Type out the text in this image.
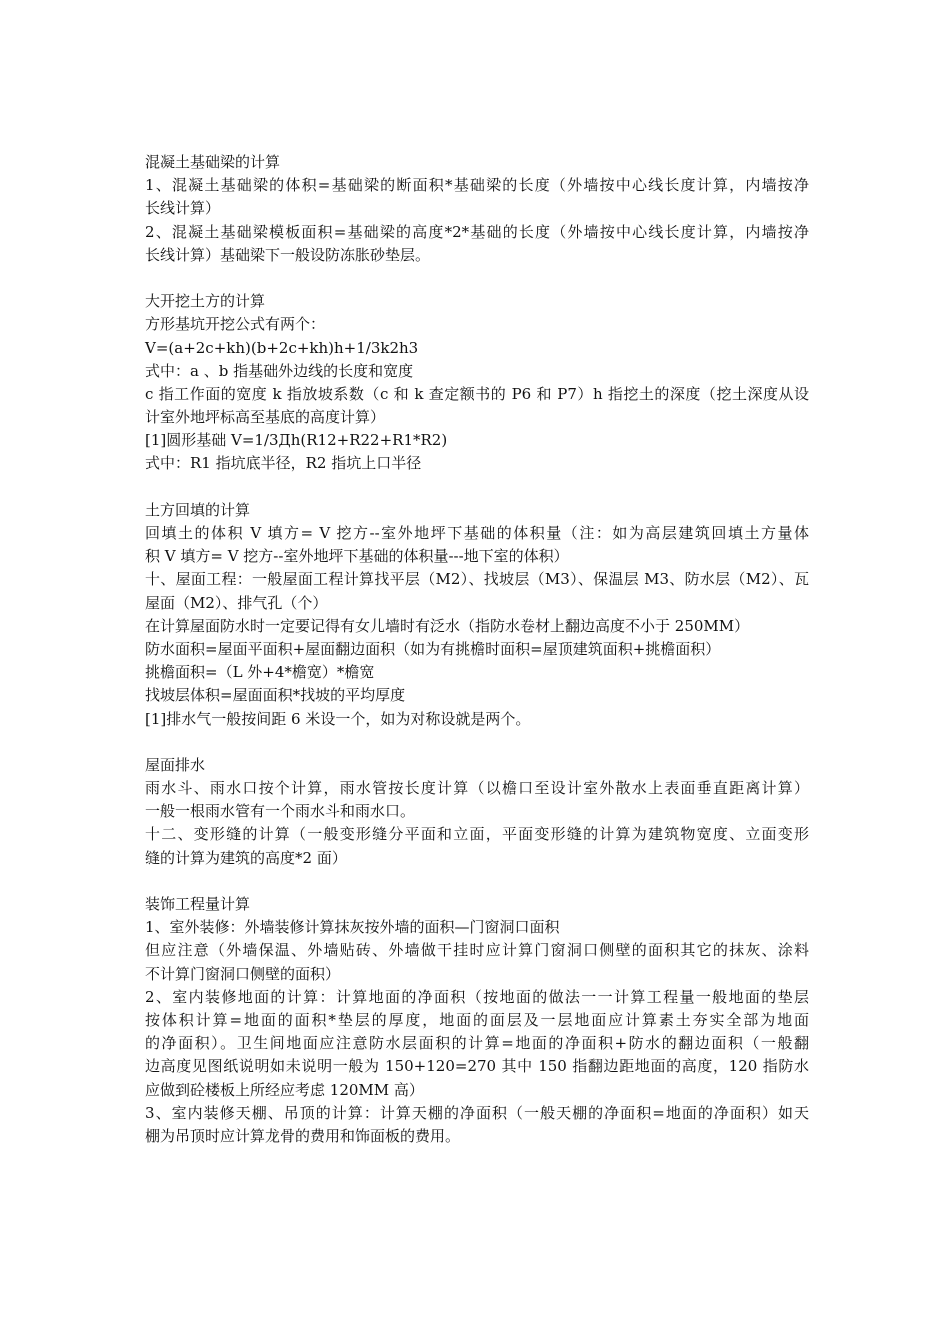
混凝土基础梁的计算
1、混凝土基础梁的体积=基础梁的断面积*基础梁的长度（外墙按中心线长度计算，内墙按净
长线计算）
2、混凝土基础梁模板面积=基础梁的高度*2*基础的长度（外墙按中心线长度计算，内墙按净
长线计算）基础梁下一般设防冻胀砂垫层。
大开挖土方的计算
方形基坑开挖公式有两个：
V=(a+2c+kh)(b+2c+kh)h+1/3k2h3
式中：a 、b 指基础外边线的长度和宽度
c 指工作面的宽度 k 指放坡系数（c 和 k 查定额书的 P6 和 P7）h 指挖土的深度（挖土深度从设
计室外地坪标高至基底的高度计算）
[1]圆形基础 V=1/3Дh(R12+R22+R1*R2)
式中：R1 指坑底半径，R2 指坑上口半径
土方回填的计算
回填土的体积 V 填方= V 挖方--室外地坪下基础的体积量（注：如为高层建筑回填土方量体
积 V 填方= V 挖方--室外地坪下基础的体积量---地下室的体积）
十、屋面工程：一般屋面工程计算找平层（M2）、找坡层（M3）、保温层 M3、防水层（M2）、瓦
屋面（M2）、排气孔（个）
在计算屋面防水时一定要记得有女儿墙时有泛水（指防水卷材上翻边高度不小于 250MM）
防水面积=屋面平面积+屋面翻边面积（如为有挑檐时面积=屋顶建筑面积+挑檐面积）
挑檐面积=（L 外+4*檐宽）*檐宽
找坡层体积=屋面面积*找坡的平均厚度
[1]排水气一般按间距 6 米设一个，如为对称设就是两个。
屋面排水
雨水斗、雨水口按个计算，雨水管按长度计算（以檐口至设计室外散水上表面垂直距离计算）
一般一根雨水管有一个雨水斗和雨水口。
十二、变形缝的计算（一般变形缝分平面和立面，平面变形缝的计算为建筑物宽度、立面变形
缝的计算为建筑的高度*2 面）
装饰工程量计算
1、室外装修：外墙装修计算抹灰按外墙的面积—门窗洞口面积
但应注意（外墙保温、外墙贴砖、外墙做干挂时应计算门窗洞口侧壁的面积其它的抹灰、涂料
不计算门窗洞口侧壁的面积）
2、室内装修地面的计算：计算地面的净面积（按地面的做法一一计算工程量一般地面的垫层
按体积计算=地面的面积*垫层的厚度，地面的面层及一层地面应计算素土夯实全部为地面
的净面积）。卫生间地面应注意防水层面积的计算=地面的净面积+防水的翻边面积（一般翻
边高度见图纸说明如未说明一般为 150+120=270 其中 150 指翻边距地面的高度，120 指防水
应做到砼楼板上所经应考虑 120MM 高）
3、室内装修天棚、吊顶的计算：计算天棚的净面积（一般天棚的净面积=地面的净面积）如天
棚为吊顶时应计算龙骨的费用和饰面板的费用。
